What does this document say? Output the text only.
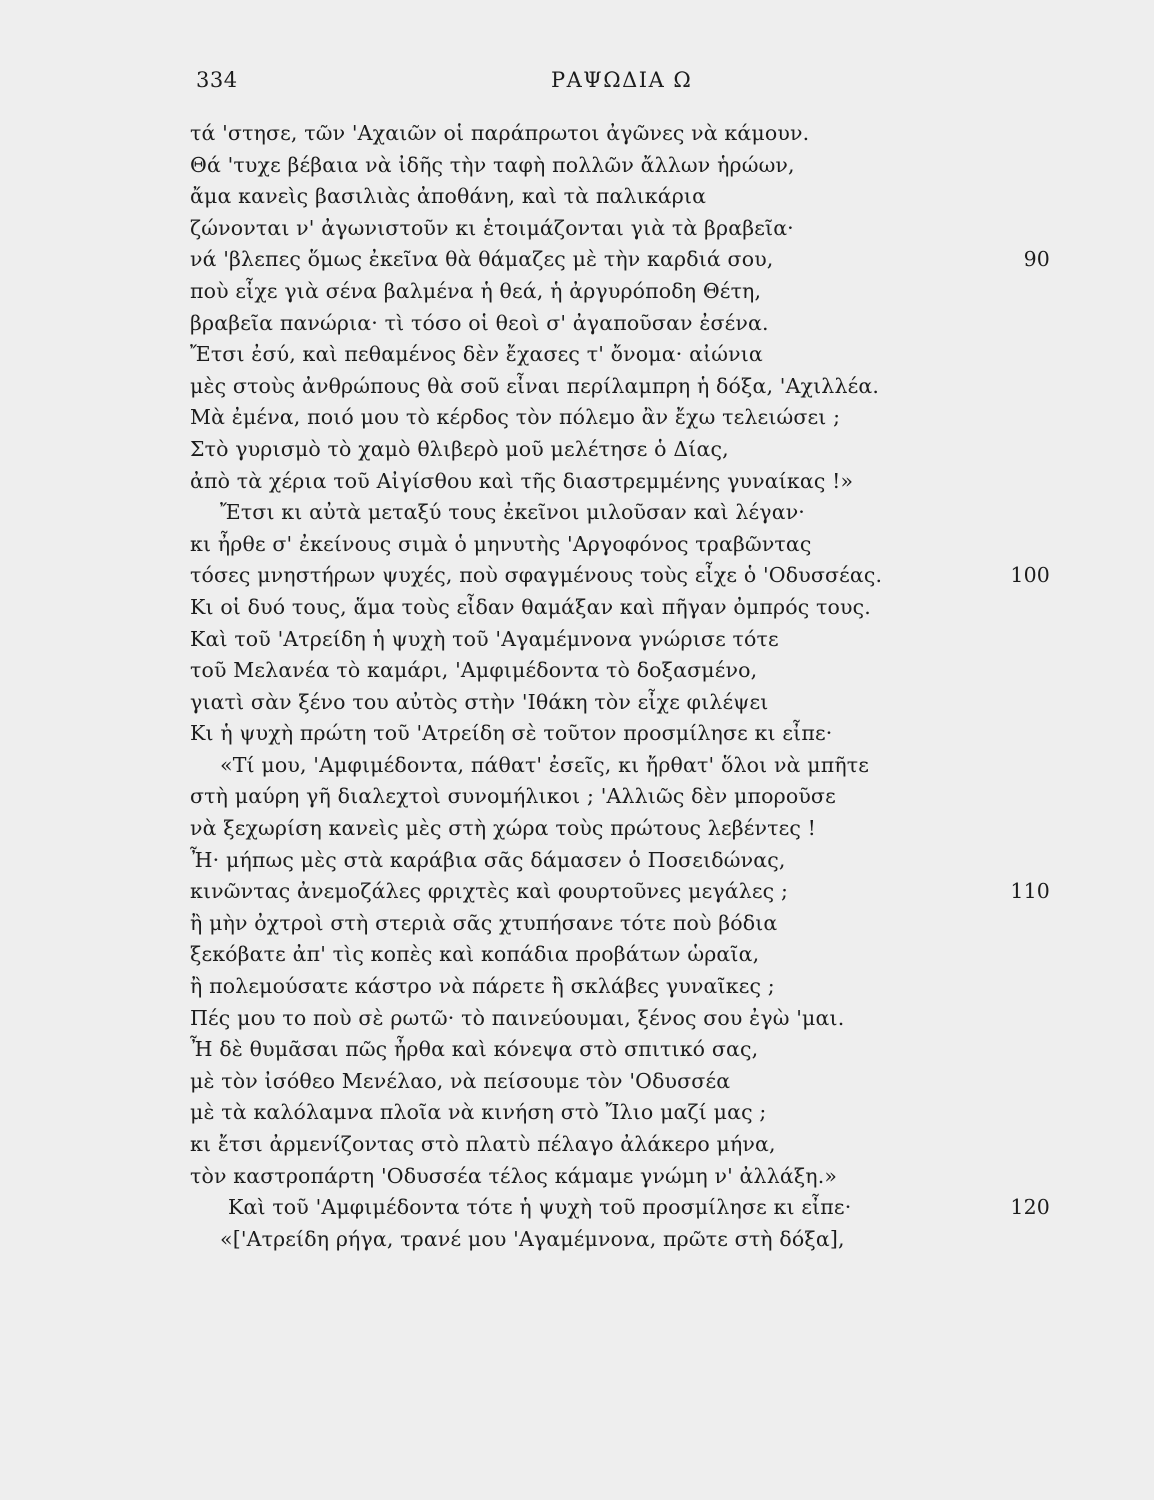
334	ΡΑΨΩΔΙΑ Ω
τά 'στησε, τῶν 'Αχαιῶν οἱ παράπρωτοι ἀγῶνες νὰ κάμουν.
Θά 'τυχε βέβαια νὰ ἰδῆς τὴν ταφὴ πολλῶν ἄλλων ἡρώων,
ἄμα κανεὶς βασιλιὰς ἀποθάνη, καὶ τὰ παλικάρια
ζώνονται ν' ἀγωνιστοῦν κι ἑτοιμάζονται γιὰ τὰ βραβεῖα·
νά 'βλεπες ὅμως ἐκεῖνα θὰ θάμαζες μὲ τὴν καρδιά σου,	90
ποὺ εἶχε γιὰ σένα βαλμένα ἡ θεά, ἡ ἀργυρόποδη Θέτη,
βραβεῖα πανώρια· τὶ τόσο οἱ θεοὶ σ' ἀγαποῦσαν ἐσένα.
Ἔτσι ἐσύ, καὶ πεθαμένος δὲν ἔχασες τ' ὄνομα· αἰώνια
μὲς στοὺς ἀνθρώπους θὰ σοῦ εἶναι περίλαμπρη ἡ δόξα, 'Αχιλλέα.
Μὰ ἐμένα, ποιό μου τὸ κέρδος τὸν πόλεμο ἂν ἔχω τελειώσει ;
Στὸ γυρισμὸ τὸ χαμὸ θλιβερὸ μοῦ μελέτησε ὁ Δίας,
ἀπὸ τὰ χέρια τοῦ Αἰγίσθου καὶ τῆς διαστρεμμένης γυναίκας !»
Ἔτσι κι αὐτὰ μεταξύ τους ἐκεῖνοι μιλοῦσαν καὶ λέγαν·
κι ἦρθε σ' ἐκείνους σιμὰ ὁ μηνυτὴς 'Αργοφόνος τραβῶντας
τόσες μνηστήρων ψυχές, ποὺ σφαγμένους τοὺς εἶχε ὁ 'Οδυσσέας.	100
Κι οἱ δυό τους, ἅμα τοὺς εἶδαν θαμάξαν καὶ πῆγαν ὀμπρός τους.
Καὶ τοῦ 'Ατρείδη ἡ ψυχὴ τοῦ 'Αγαμέμνονα γνώρισε τότε
τοῦ Μελανέα τὸ καμάρι, 'Αμφιμέδοντα τὸ δοξασμένο,
γιατὶ σὰν ξένο του αὐτὸς στὴν 'Ιθάκη τὸν εἶχε φιλέψει
Κι ἡ ψυχὴ πρώτη τοῦ 'Ατρείδη σὲ τοῦτον προσμίλησε κι εἶπε·
«Τί μου, 'Αμφιμέδοντα, πάθατ' ἐσεῖς, κι ἤρθατ' ὅλοι νὰ μπῆτε
στὴ μαύρη γῆ διαλεχτοὶ συνομήλικοι ; 'Αλλιῶς δὲν μποροῦσε
νὰ ξεχωρίση κανεὶς μὲς στὴ χώρα τοὺς πρώτους λεβέντες !
Ἦ· μήπως μὲς στὰ καράβια σᾶς δάμασεν ὁ Ποσειδώνας,
κινῶντας ἀνεμοζάλες φριχτὲς καὶ φουρτοῦνες μεγάλες ;	110
ἢ μὴν ὀχτροὶ στὴ στεριὰ σᾶς χτυπήσανε τότε ποὺ βόδια
ξεκόβατε ἀπ' τὶς κοπὲς καὶ κοπάδια προβάτων ὡραῖα,
ἢ πολεμούσατε κάστρο νὰ πάρετε ἢ σκλάβες γυναῖκες ;
Πές μου το ποὺ σὲ ρωτῶ· τὸ παινεύουμαι, ξένος σου ἐγὼ 'μαι.
Ἦ δὲ θυμᾶσαι πῶς ἦρθα καὶ κόνεψα στὸ σπιτικό σας,
μὲ τὸν ἰσόθεο Μενέλαο, νὰ πείσουμε τὸν 'Οδυσσέα
μὲ τὰ καλόλαμνα πλοῖα νὰ κινήση στὸ Ἴλιο μαζί μας ;
κι ἔτσι ἀρμενίζοντας στὸ πλατὺ πέλαγο ἀλάκερο μήνα,
τὸν καστροπάρτη 'Οδυσσέα τέλος κάμαμε γνώμη ν' ἀλλάξη.»
Καὶ τοῦ 'Αμφιμέδοντα τότε ἡ ψυχὴ τοῦ προσμίλησε κι εἶπε·	120
«['Ατρείδη ρήγα, τρανέ μου 'Αγαμέμνονα, πρῶτε στὴ δόξα],
